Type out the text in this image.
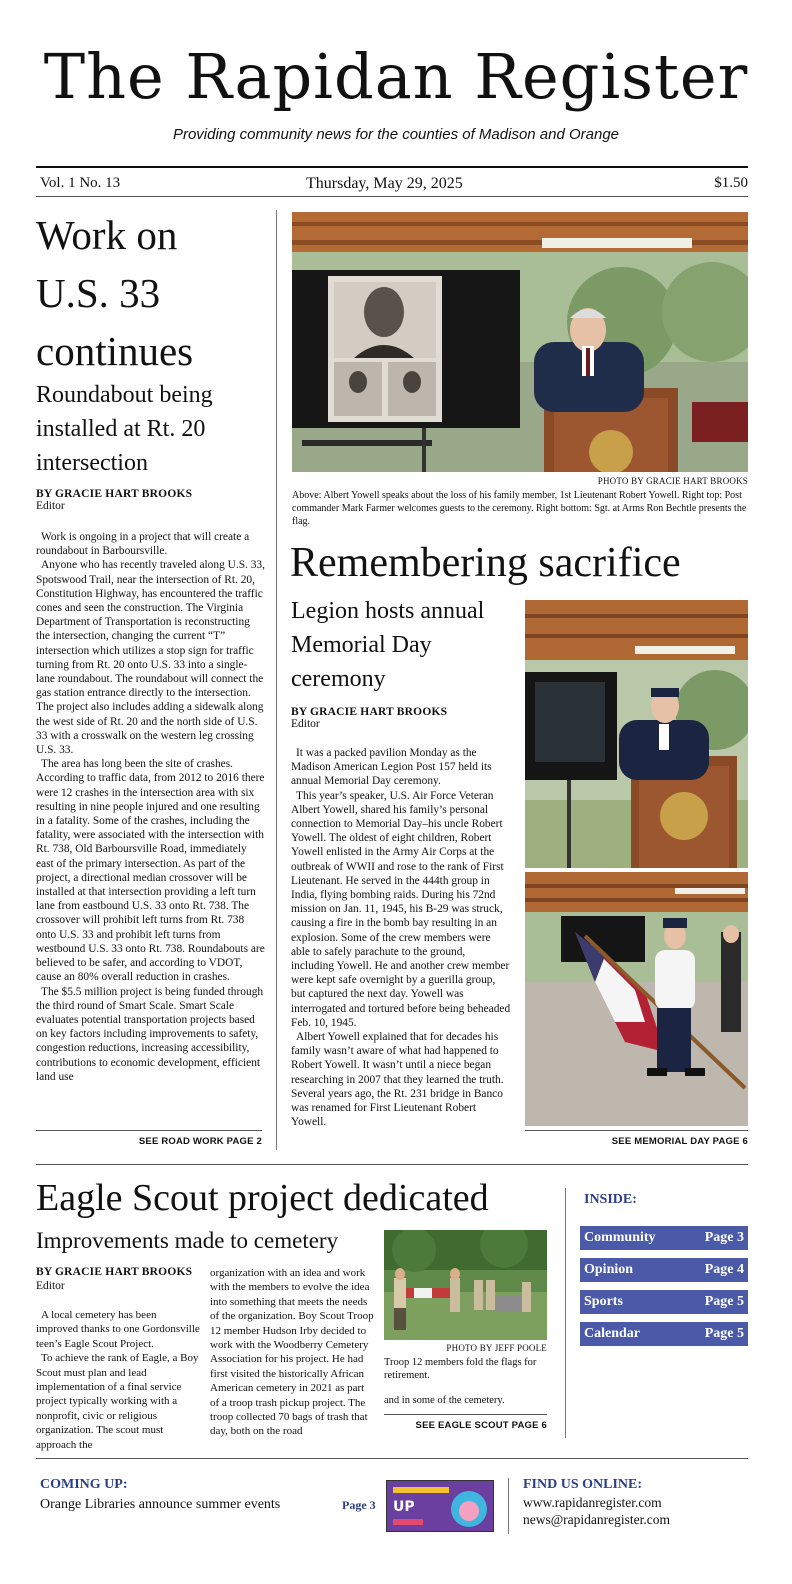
The Rapidan Register
Providing community news for the counties of Madison and Orange
Vol. 1 No. 13	Thursday, May 29, 2025	$1.50
Work on
U.S. 33
continues
Roundabout being
installed at Rt. 20
intersection
BY GRACIE HART BROOKS
Editor

Work is ongoing in a project that will create a roundabout in Barboursville.

Anyone who has recently traveled along U.S. 33, Spotswood Trail, near the intersection of Rt. 20, Constitution Highway, has encountered the traffic cones and seen the construction. The Virginia Department of Transportation is reconstructing the intersection, changing the current “T” intersection which utilizes a stop sign for traffic turning from Rt. 20 onto U.S. 33 into a single-lane roundabout. The roundabout will connect the gas station entrance directly to the intersection. The project also includes adding a sidewalk along the west side of Rt. 20 and the north side of U.S. 33 with a crosswalk on the western leg crossing U.S. 33.

The area has long been the site of crashes. According to traffic data, from 2012 to 2016 there were 12 crashes in the intersection area with six resulting in nine people injured and one resulting in a fatality. Some of the crashes, including the fatality, were associated with the intersection with Rt. 738, Old Barboursville Road, immediately east of the primary intersection. As part of the project, a directional median crossover will be installed at that intersection providing a left turn lane from eastbound U.S. 33 onto Rt. 738. The crossover will prohibit left turns from Rt. 738 onto U.S. 33 and prohibit left turns from westbound U.S. 33 onto Rt. 738. Roundabouts are believed to be safer, and according to VDOT, cause an 80% overall reduction in crashes.

The $5.5 million project is being funded through the third round of Smart Scale. Smart Scale evaluates potential transportation projects based on key factors including improvements to safety, congestion reductions, increasing accessibility, contributions to economic development, efficient land use

SEE ROAD WORK PAGE 2
PHOTO BY GRACIE HART BROOKS
Above: Albert Yowell speaks about the loss of his family member, 1st Lieutenant Robert Yowell. Right top: Post commander Mark Farmer welcomes guests to the ceremony. Right bottom: Sgt. at Arms Ron Bechtle presents the flag.
Remembering sacrifice
Legion hosts annual
Memorial Day
ceremony
BY GRACIE HART BROOKS
Editor

It was a packed pavilion Monday as the Madison American Legion Post 157 held its annual Memorial Day ceremony.

This year’s speaker, U.S. Air Force Veteran Albert Yowell, shared his family’s personal connection to Memorial Day–his uncle Robert Yowell. The oldest of eight children, Robert Yowell enlisted in the Army Air Corps at the outbreak of WWII and rose to the rank of First Lieutenant. He served in the 444th group in India, flying bombing raids. During his 72nd mission on Jan. 11, 1945, his B-29 was struck, causing a fire in the bomb bay resulting in an explosion. Some of the crew members were able to safely parachute to the ground, including Yowell. He and another crew member were kept safe overnight by a guerilla group, but captured the next day. Yowell was interrogated and tortured before being beheaded Feb. 10, 1945.

Albert Yowell explained that for decades his family wasn’t aware of what had happened to Robert Yowell. It wasn’t until a niece began researching in 2007 that they learned the truth. Several years ago, the Rt. 231 bridge in Banco was renamed for First Lieutenant Robert Yowell.

SEE MEMORIAL DAY PAGE 6
Eagle Scout project dedicated
Improvements made to cemetery
BY GRACIE HART BROOKS
Editor

A local cemetery has been improved thanks to one Gordonsville teen’s Eagle Scout Project.

To achieve the rank of Eagle, a Boy Scout must plan and lead implementation of a final service project typically working with a nonprofit, civic or religious organization. The scout must approach the

organization with an idea and work with the members to evolve the idea into something that meets the needs of the organization. Boy Scout Troop 12 member Hudson Irby decided to work with the Woodberry Cemetery Association for his project. He had first visited the historically African American cemetery in 2021 as part of a troop trash pickup project. The troop collected 70 bags of trash that day, both on the road

PHOTO BY JEFF POOLE
Troop 12 members fold the flags for retirement.
and in some of the cemetery.
SEE EAGLE SCOUT PAGE 6
INSIDE:
Community	Page 3
Opinion	Page 4
Sports	Page 5
Calendar	Page 5
COMING UP:
Orange Libraries announce summer events	Page 3 UP
FIND US ONLINE:
www.rapidanregister.com
news@rapidanregister.com
